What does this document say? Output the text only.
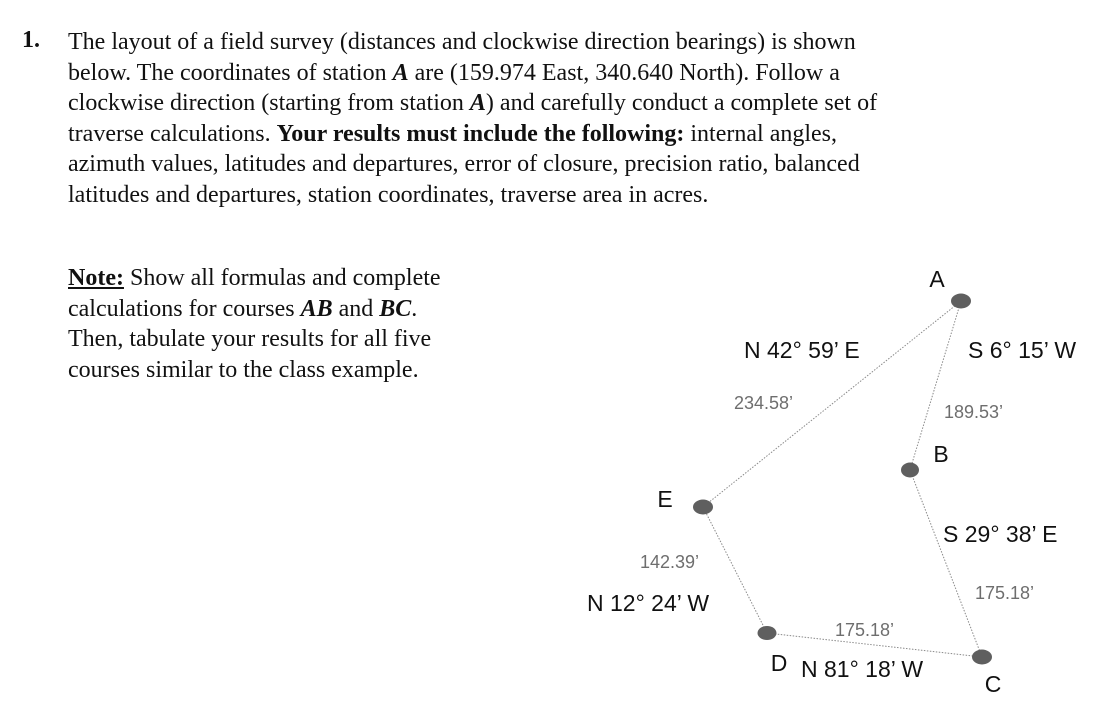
1. The layout of a field survey (distances and clockwise direction bearings) is shown
below. The coordinates of station A are (159.974 East, 340.640 North). Follow a
clockwise direction (starting from station A) and carefully conduct a complete set of
traverse calculations. Your results must include the following: internal angles,
azimuth values, latitudes and departures, error of closure, precision ratio, balanced
latitudes and departures, station coordinates, traverse area in acres.
Note: Show all formulas and complete
calculations for courses AB and BC.
Then, tabulate your results for all five
courses similar to the class example.
A
B
C
D
E
N 42° 59’ E	S 6° 15’ W
S 29° 38’ E
N 12° 24’ W
N 81° 18’ W
234.58’	189.53’
175.18’
142.39’
175.18’
